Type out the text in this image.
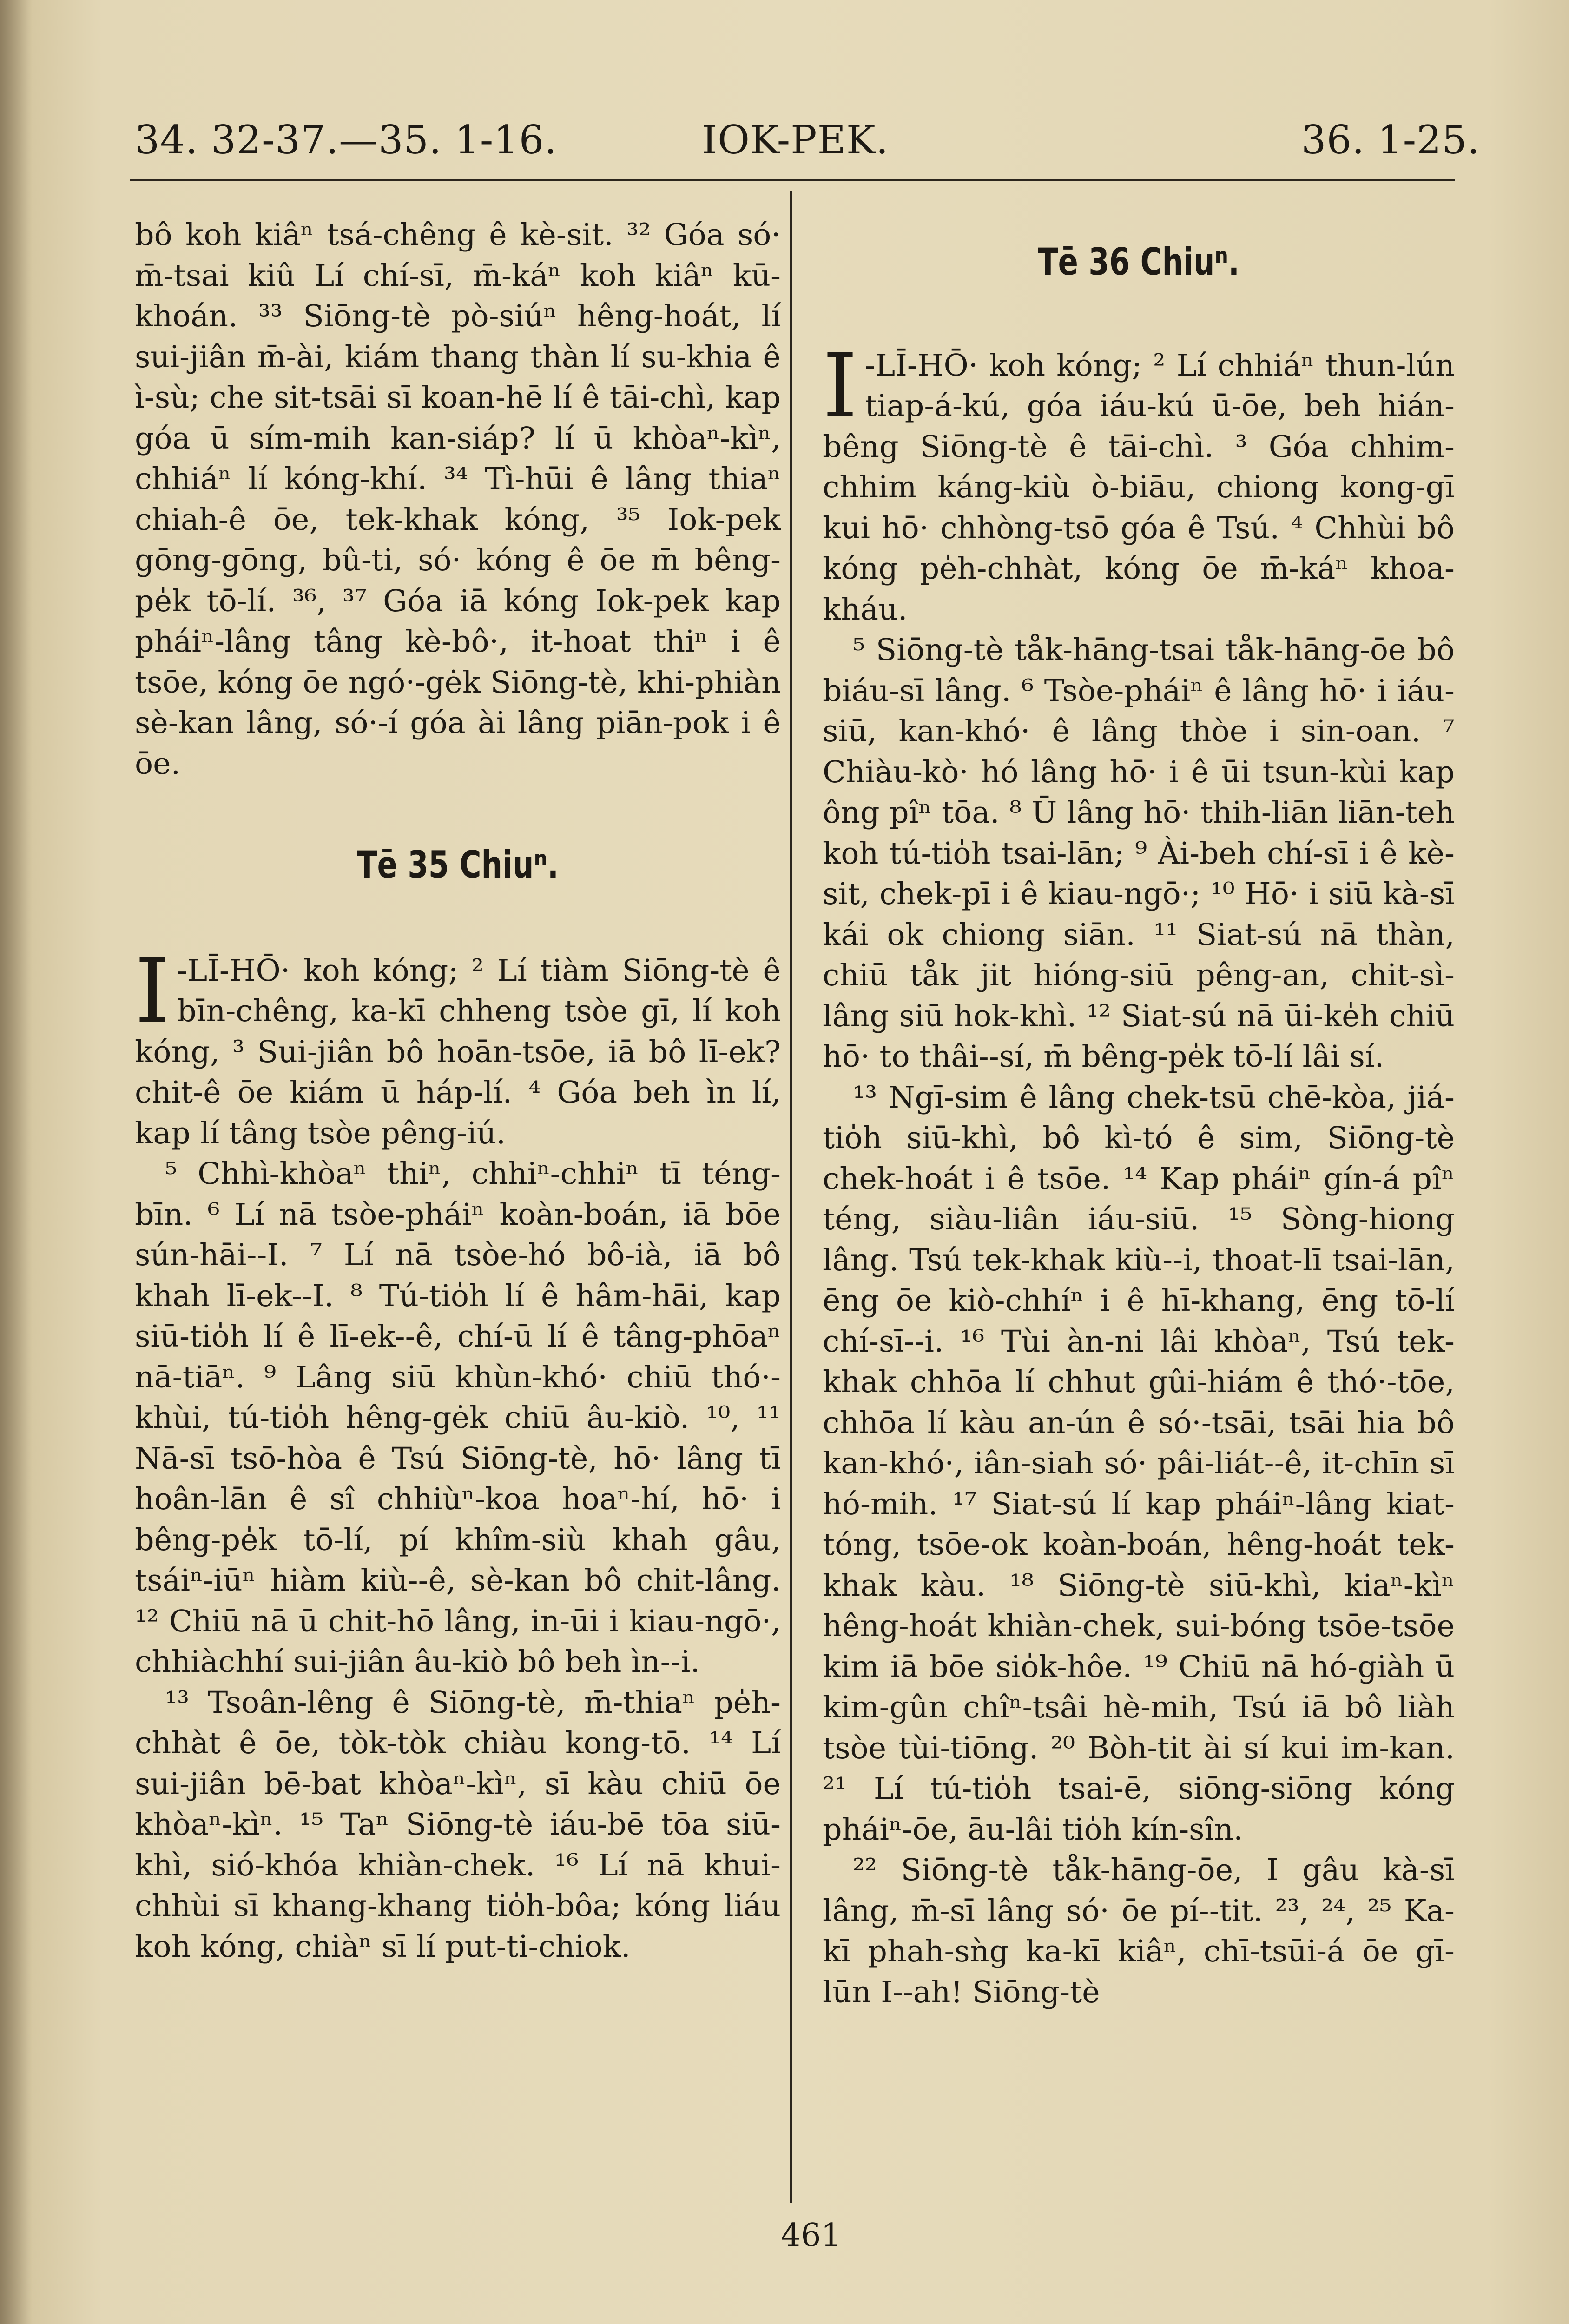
34. 32-37.—35. 1-16.	IOK-PEK.	36. 1-25.

bô koh kiâⁿ tsá-chêng ê kè-sit. ³² Góa só· m̄-tsai kiû Lí chí-sī, m̄-káⁿ koh kiâⁿ kū-khoán. ³³ Siōng-tè pò-siúⁿ hêng-hoát, lí sui-jiân m̄-ài, kiám thang thàn lí su-khia ê ì-sù; che sit-tsāi sī koan-hē lí ê tāi-chì, kap góa ū sím-mih kan-siáp? lí ū khòaⁿ-kìⁿ, chhiáⁿ lí kóng-khí. ³⁴ Tì-hūi ê lâng thiaⁿ chiah-ê ōe, tek-khak kóng, ³⁵ Iok-pek gōng-gōng, bû-ti, só· kóng ê ōe m̄ bêng-pe̍k tō-lí. ³⁶, ³⁷ Góa iā kóng Iok-pek kap pháiⁿ-lâng tâng kè-bô·, it-hoat thiⁿ i ê tsōe, kóng ōe ngó·-gėk Siōng-tè, khi-phiàn sè-kan lâng, só·-í góa ài lâng piān-pok i ê ōe.

Tē 35 Chiuⁿ.

I -LĪ-HŌ· koh kóng; ² Lí tiàm Siōng-tè ê bīn-chêng, ka-kī chheng tsòe gī, lí koh kóng, ³ Sui-jiân bô hoān-tsōe, iā bô lī-ek? chit-ê ōe kiám ū háp-lí. ⁴ Góa beh ìn lí, kap lí tâng tsòe pêng-iú.

⁵ Chhì-khòaⁿ thiⁿ, chhiⁿ-chhiⁿ tī téng-bīn. ⁶ Lí nā tsòe-pháiⁿ koàn-boán, iā bōe sún-hāi--I. ⁷ Lí nā tsòe-hó bô-ià, iā bô khah lī-ek--I. ⁸ Tú-tio̍h lí ê hâm-hāi, kap siū-tio̍h lí ê lī-ek--ê, chí-ū lí ê tâng-phōaⁿ nā-tiāⁿ. ⁹ Lâng siū khùn-khó· chiū thó·-khùi, tú-tio̍h hêng-gėk chiū âu-kiò. ¹⁰, ¹¹ Nā-sī tsō-hòa ê Tsú Siōng-tè, hō· lâng tī hoân-lān ê sî chhiùⁿ-koa hoaⁿ-hí, hō· i bêng-pe̍k tō-lí, pí khîm-siù khah gâu, tsáiⁿ-iūⁿ hiàm kiù--ê, sè-kan bô chit-lâng. ¹² Chiū nā ū chit-hō lâng, in-ūi i kiau-ngō·, chhiàchhí sui-jiân âu-kiò bô beh ìn--i.

¹³ Tsoân-lêng ê Siōng-tè, m̄-thiaⁿ pe̍h-chhàt ê ōe, tòk-tòk chiàu kong-tō. ¹⁴ Lí sui-jiân bē-bat khòaⁿ-kìⁿ, sī kàu chiū ōe khòaⁿ-kìⁿ. ¹⁵ Taⁿ Siōng-tè iáu-bē tōa siū-khì, sió-khóa khiàn-chek. ¹⁶ Lí nā khui-chhùi sī khang-khang tio̍h-bôa; kóng liáu koh kóng, chiàⁿ sī lí put-ti-chiok.

Tē 36 Chiuⁿ.

I -LĪ-HŌ· koh kóng; ² Lí chhiáⁿ thun-lún tiap-á-kú, góa iáu-kú ū-ōe, beh hián-bêng Siōng-tè ê tāi-chì. ³ Góa chhim-chhim káng-kiù ò-biāu, chiong kong-gī kui hō· chhòng-tsō góa ê Tsú. ⁴ Chhùi bô kóng pe̍h-chhàt, kóng ōe m̄-káⁿ khoa-kháu.

⁵ Siōng-tè tåk-hāng-tsai tåk-hāng-ōe bô biáu-sī lâng. ⁶ Tsòe-pháiⁿ ê lâng hō· i iáu-siū, kan-khó· ê lâng thòe i sin-oan. ⁷ Chiàu-kò· hó lâng hō· i ê ūi tsun-kùi kap ông pîⁿ tōa. ⁸ Ū lâng hō· thih-liān liān-teh koh tú-tio̍h tsai-lān; ⁹ Ài-beh chí-sī i ê kè-sit, chek-pī i ê kiau-ngō·; ¹⁰ Hō· i siū kà-sī kái ok chiong siān. ¹¹ Siat-sú nā thàn, chiū tåk jit hióng-siū pêng-an, chit-sì-lâng siū hok-khì. ¹² Siat-sú nā ūi-ke̍h chiū hō· to thâi--sí, m̄ bêng-pe̍k tō-lí lâi sí.

¹³ Ngī-sim ê lâng chek-tsū chē-kòa, jiá-tio̍h siū-khì, bô kì-tó ê sim, Siōng-tè chek-hoát i ê tsōe. ¹⁴ Kap pháiⁿ gín-á pîⁿ téng, siàu-liân iáu-siū. ¹⁵ Sòng-hiong lâng. Tsú tek-khak kiù--i, thoat-lī tsai-lān, ēng ōe kiò-chhíⁿ i ê hī-khang, ēng tō-lí chí-sī--i. ¹⁶ Tùi àn-ni lâi khòaⁿ, Tsú tek-khak chhōa lí chhut gûi-hiám ê thó·-tōe, chhōa lí kàu an-ún ê só·-tsāi, tsāi hia bô kan-khó·, iân-siah só· pâi-liát--ê, it-chīn sī hó-mih. ¹⁷ Siat-sú lí kap pháiⁿ-lâng kiat-tóng, tsōe-ok koàn-boán, hêng-hoát tek-khak kàu. ¹⁸ Siōng-tè siū-khì, kiaⁿ-kìⁿ hêng-hoát khiàn-chek, sui-bóng tsōe-tsōe kim iā bōe sio̍k-hôe. ¹⁹ Chiū nā hó-giàh ū kim-gûn chîⁿ-tsâi hè-mih, Tsú iā bô liàh tsòe tùi-tiōng. ²⁰ Bòh-tit ài sí kui im-kan. ²¹ Lí tú-tio̍h tsai-ē, siōng-siōng kóng pháiⁿ-ōe, āu-lâi tio̍h kín-sîn.

²² Siōng-tè tåk-hāng-ōe, I gâu kà-sī lâng, m̄-sī lâng só· ōe pí--tit. ²³, ²⁴, ²⁵ Ka-kī phah-sǹg ka-kī kiâⁿ, chī-tsūi-á ōe gī-lūn I--ah! Siōng-tè

461
